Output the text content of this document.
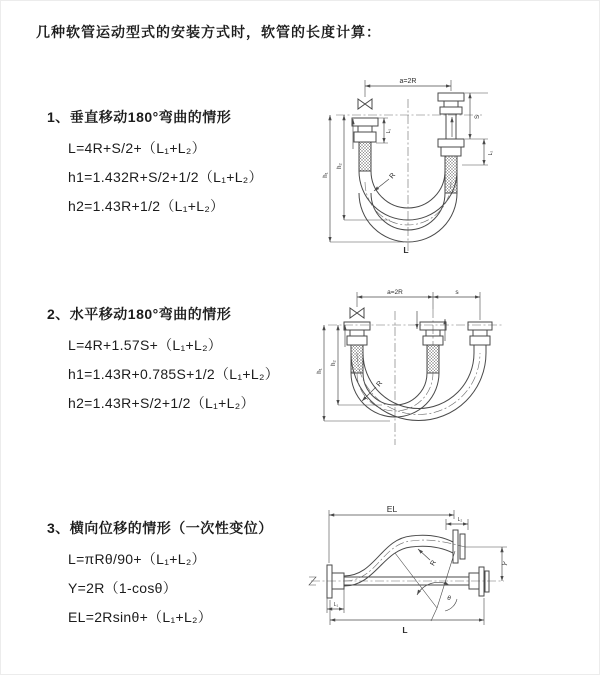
几种软管运动型式的安装方式时，软管的长度计算：
1、垂直移动180°弯曲的情形
L=4R+S/2+（L₁+L₂）
h1=1.432R+S/2+1/2（L₁+L₂）
h2=1.43R+1/2（L₁+L₂）
2、水平移动180°弯曲的情形
L=4R+1.57S+（L₁+L₂）
h1=1.43R+0.785S+1/2（L₁+L₂）
h2=1.43R+S/2+1/2（L₁+L₂）
3、横向位移的情形（一次性变位）
L=πRθ/90+（L₁+L₂）
Y=2R（1-cosθ）
EL=2Rsinθ+（L₁+L₂）
a=2R
h₁
h₂
L₁
S
L₂
R
L
a=2R	s
h₁
h₂
R
EL
L₂
Y
θ
R
L₁
L
